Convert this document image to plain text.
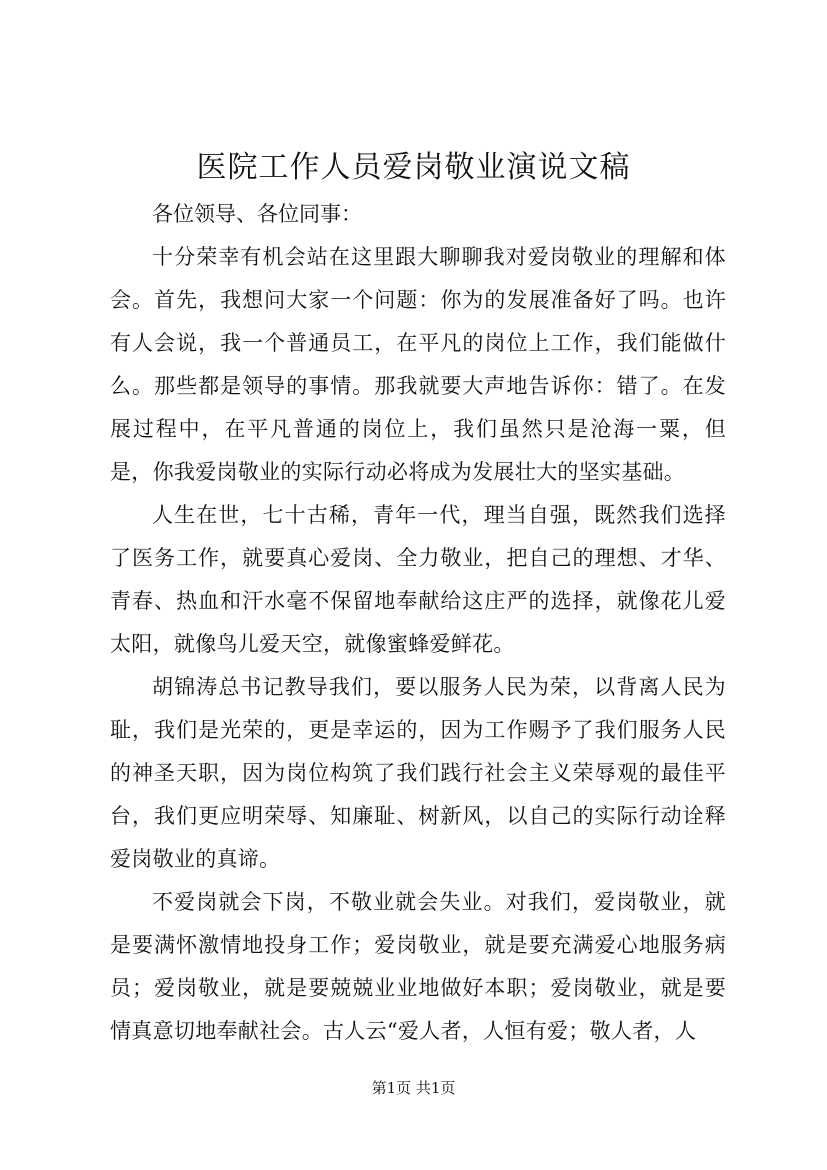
医院工作人员爱岗敬业演说文稿

各位领导、各位同事：

十分荣幸有机会站在这里跟大聊聊我对爱岗敬业的理解和体会。首先，我想问大家一个问题：你为的发展准备好了吗。也许有人会说，我一个普通员工，在平凡的岗位上工作，我们能做什么。那些都是领导的事情。那我就要大声地告诉你：错了。在发展过程中，在平凡普通的岗位上，我们虽然只是沧海一粟，但是，你我爱岗敬业的实际行动必将成为发展壮大的坚实基础。

人生在世，七十古稀，青年一代，理当自强，既然我们选择了医务工作，就要真心爱岗、全力敬业，把自己的理想、才华、青春、热血和汗水毫不保留地奉献给这庄严的选择，就像花儿爱太阳，就像鸟儿爱天空，就像蜜蜂爱鲜花。

胡锦涛总书记教导我们，要以服务人民为荣，以背离人民为耻，我们是光荣的，更是幸运的，因为工作赐予了我们服务人民的神圣天职，因为岗位构筑了我们践行社会主义荣辱观的最佳平台，我们更应明荣辱、知廉耻、树新风，以自己的实际行动诠释爱岗敬业的真谛。

不爱岗就会下岗，不敬业就会失业。对我们，爱岗敬业，就是要满怀激情地投身工作；爱岗敬业，就是要充满爱心地服务病员；爱岗敬业，就是要兢兢业业地做好本职；爱岗敬业，就是要情真意切地奉献社会。古人云“爱人者，人恒有爱；敬人者，人

第1页 共1页
